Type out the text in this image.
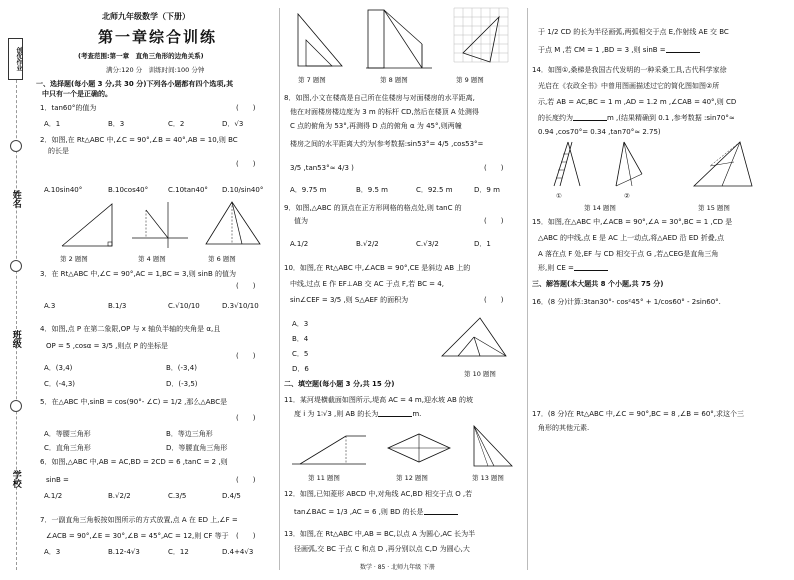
创优作业
姓名
班级
学校
北师九年级数学（下册）
第一章综合训练
(考查范围:第一章　直角三角形的边角关系)
满分:120 分　训练时间:100 分钟
一、选择题(每小题 3 分,共 30 分)下列各小题都有四个选项,其
中只有一个是正确的。
1．tan60°的值为	(　　)
A．1	B．3	C．2	D．√3
2．如图,在 Rt△ABC 中,∠C = 90°,∠B = 40°,AB = 10,则 BC
的长是
(　　)
A.10sin40°	B.10cos40°	C.10tan40° D.10/sin40°
第 2 题图	第 4 题图	第 6 题图
3．在 Rt△ABC 中,∠C = 90°,AC = 1,BC = 3,则 sinB 的值为
(　　)
A.3	B.1/3	C.√10/10	D.3√10/10
4．如图,点 P 在第二象限,OP 与 x 轴负半轴的夹角是 α,且
OP = 5 ,cosα = 3/5 ,则点 P 的坐标是
(　　)
A．(3,4)	B．(-3,4)
C．(-4,3)	D．(-3,5)
5．在△ABC 中,sinB = cos(90°- ∠C) = 1/2 ,那么△ABC是
(　　)
A．等腰三角形	B．等边三角形
C．直角三角形	D．等腰直角三角形
6．如图,△ABC 中,AB = AC,BD = 2CD = 6 ,tanC = 2 ,则
sinB =	(　　)
A.1/2	B.√2/2	C.3/5	D.4/5
7．一副直角三角板按如图所示的方式放置,点 A 在 ED 上,∠F =
∠ACB = 90°,∠E = 30°,∠B = 45°,AC = 12,则 CF 等于 (　　)
A．3	B.12-4√3	C．12	D.4+4√3
第 7 题图	第 8 题图	第 9 题图
8．如图,小文在楼高是自己所在住楼房与对面楼房的水平距离,
他在对面楼房楼边度为 3 m 的标杆 CD,然后在楼顶 A 处测得
C 点的俯角为 53°,再测得 D 点的俯角 α 为 45°,则两幢
楼房之间的水平距离大约为(参考数据:sin53°= 4/5 ,cos53°=
3/5 ,tan53°≈ 4/3 )	(　　)
A．9.75 m	B．9.5 m	C．92.5 m	D．9 m
9．如图,△ABC 的顶点在正方形网格的格点处,则 tanC 的
值为	(　　)
A.1/2	B.√2/2	C.√3/2	D．1
10．如图,在 Rt△ABC 中,∠ACB = 90°,CE 是斜边 AB 上的
中线,过点 E 作 EF⊥AB 交 AC 于点 F,若 BC = 4,
sin∠CEF = 3/5 ,则 S△AEF 的面积为	(　　)
A．3
B．4
C．5
D．6
第 10 题图
二、填空题(每小题 3 分,共 15 分)
11．某河堤横截面如图所示,堤高 AC = 4 m,迎水坡 AB 的坡
度 i 为 1∶√3 ,则 AB 的长为	m.
第 11 题图	第 12 题图	第 13 题图
12．如图,已知菱形 ABCD 中,对角线 AC,BD 相交于点 O ,若
tan∠BAC = 1/3 ,AC = 6 ,则 BD 的长是
13．如图,在 Rt△ABC 中,AB = BC,以点 A 为圆心,AC 长为半
径画弧,交 BC 于点 C 和点 D ,再分别以点 C,D 为圆心,大
数学 · 85 · 北师九年级 下册
于 1/2 CD 的长为半径画弧,两弧相交于点 E,作射线 AE 交 BC
于点 M ,若 CM = 1 ,BD = 3 ,则 sinB =
14．如图①,桑梯是我国古代发明的一种采桑工具,古代科学家徐
光启在《农政全书》中曾用图画描述过它的简化图如图②所
示,若 AB = AC,BC = 1 m ,AD = 1.2 m ,∠CAB = 40°,则 CD
的长度约为	m ,(结果精确到 0.1 ,参考数据 :sin70°≈
0.94 ,cos70°= 0.34 ,tan70°≈ 2.75)
①	②
第 14 题图	第 15 题图
15．如图,在△ABC 中,∠ACB = 90°,∠A = 30°,BC = 1 ,CD 是
△ABC 的中线,点 E 是 AC 上一动点,将△AED 沿 ED 折叠,点
A 落在点 F 处,EF 与 CD 相交于点 G ,若△CEG是直角三角
形,则 CE =
三、解答题(本大题共 8 个小题,共 75 分)
16．(8 分)计算:3tan30°- cos²45° + 1/cos60° - 2sin60°.
17．(8 分)在 Rt△ABC 中,∠C = 90°,BC = 8 ,∠B = 60°,求这个三
角形的其他元素.
